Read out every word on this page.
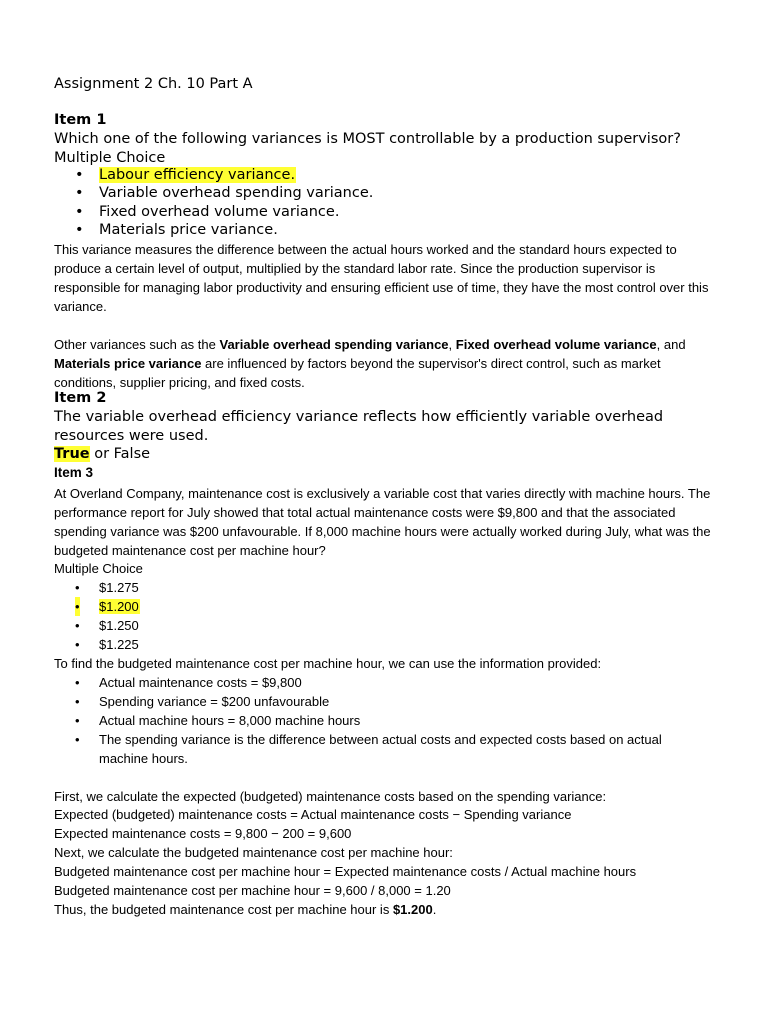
Assignment 2 Ch. 10 Part A
Item 1
Which one of the following variances is MOST controllable by a production supervisor?
Multiple Choice
• Labour efficiency variance.
• Variable overhead spending variance.
• Fixed overhead volume variance.
• Materials price variance.
This variance measures the difference between the actual hours worked and the standard hours expected to produce a certain level of output, multiplied by the standard labor rate. Since the production supervisor is responsible for managing labor productivity and ensuring efficient use of time, they have the most control over this variance.
Other variances such as the Variable overhead spending variance, Fixed overhead volume variance, and Materials price variance are influenced by factors beyond the supervisor's direct control, such as market conditions, supplier pricing, and fixed costs.
Item 2
The variable overhead efficiency variance reflects how efficiently variable overhead resources were used.
True or False
Item 3
At Overland Company, maintenance cost is exclusively a variable cost that varies directly with machine hours. The performance report for July showed that total actual maintenance costs were $9,800 and that the associated spending variance was $200 unfavourable. If 8,000 machine hours were actually worked during July, what was the budgeted maintenance cost per machine hour?
Multiple Choice
• $1.275
• $1.200
• $1.250
• $1.225
To find the budgeted maintenance cost per machine hour, we can use the information provided:
• Actual maintenance costs = $9,800
• Spending variance = $200 unfavourable
• Actual machine hours = 8,000 machine hours
• The spending variance is the difference between actual costs and expected costs based on actual machine hours.
First, we calculate the expected (budgeted) maintenance costs based on the spending variance:
Expected (budgeted) maintenance costs = Actual maintenance costs − Spending variance
Expected maintenance costs = 9,800 − 200 = 9,600
Next, we calculate the budgeted maintenance cost per machine hour:
Budgeted maintenance cost per machine hour = Expected maintenance costs / Actual machine hours
Budgeted maintenance cost per machine hour = 9,600 / 8,000 = 1.20
Thus, the budgeted maintenance cost per machine hour is $1.200.
